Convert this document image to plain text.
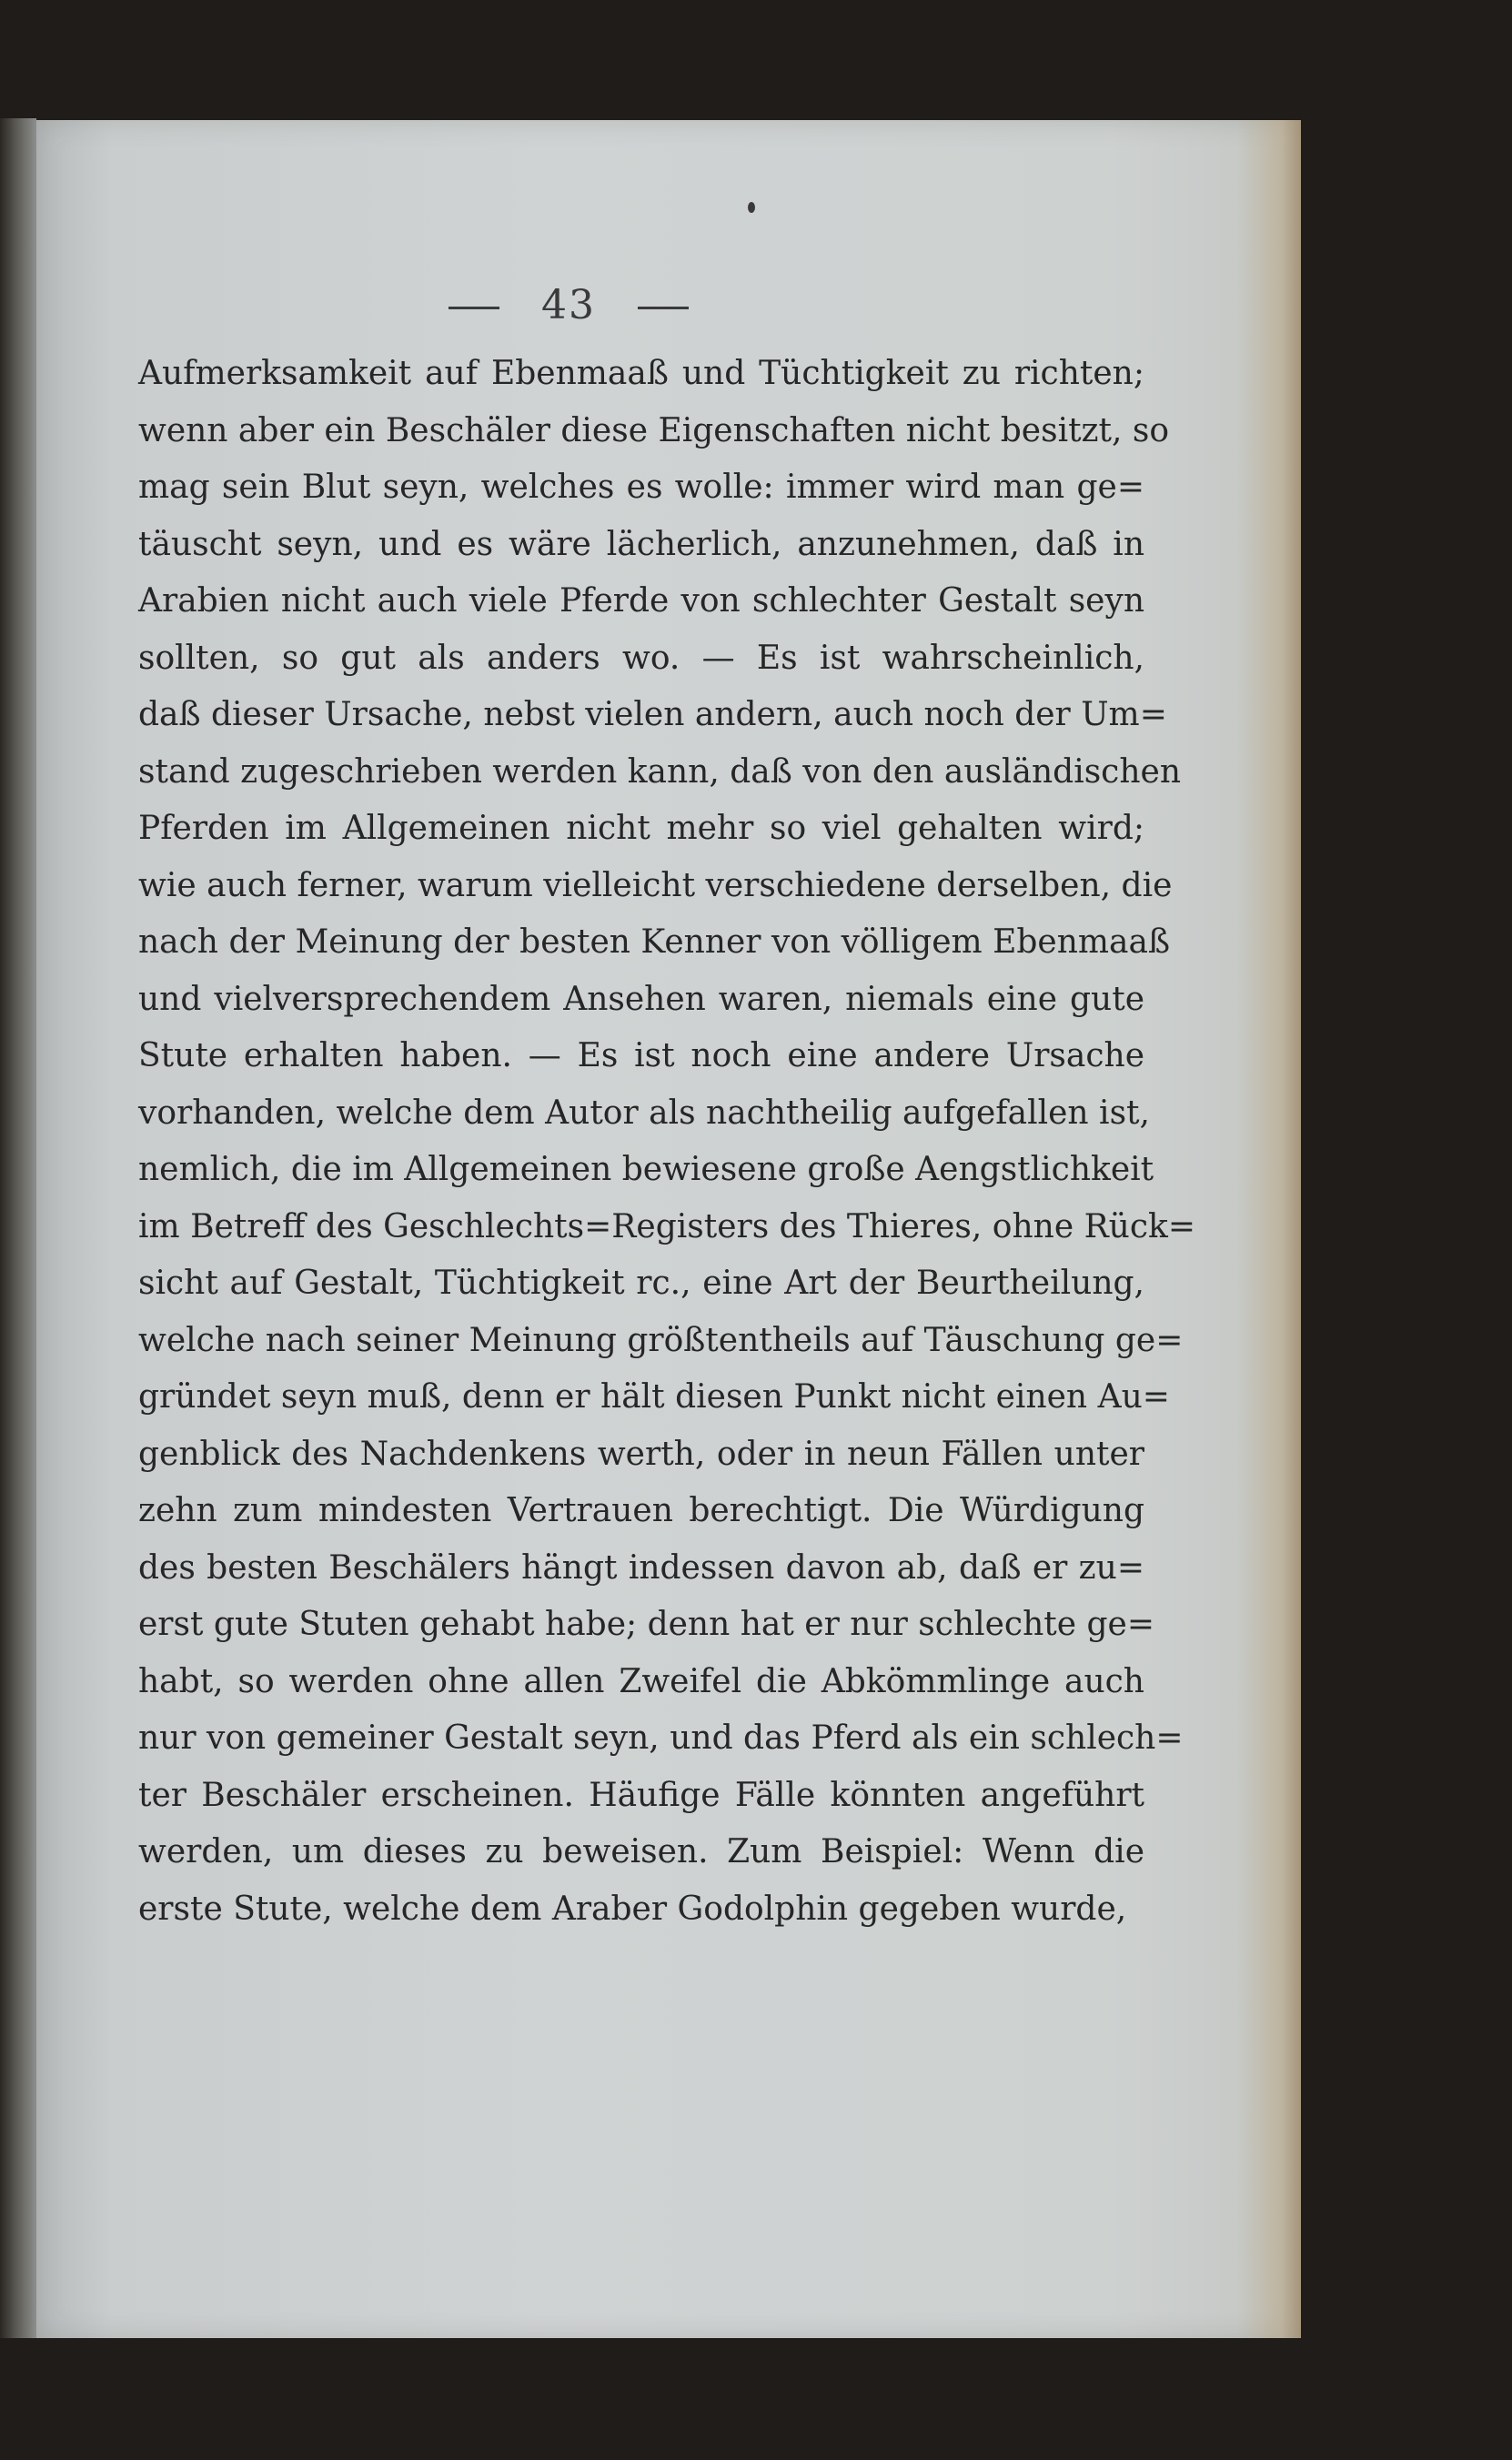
43
Aufmerksamkeit auf Ebenmaaß und Tüchtigkeit zu richten;
wenn aber ein Beschäler diese Eigenschaften nicht besitzt, so
mag sein Blut seyn, welches es wolle: immer wird man ge=
täuscht seyn, und es wäre lächerlich, anzunehmen, daß in
Arabien nicht auch viele Pferde von schlechter Gestalt seyn
sollten, so gut als anders wo. — Es ist wahrscheinlich,
daß dieser Ursache, nebst vielen andern, auch noch der Um=
stand zugeschrieben werden kann, daß von den ausländischen
Pferden im Allgemeinen nicht mehr so viel gehalten wird;
wie auch ferner, warum vielleicht verschiedene derselben, die
nach der Meinung der besten Kenner von völligem Ebenmaaß
und vielversprechendem Ansehen waren, niemals eine gute
Stute erhalten haben. — Es ist noch eine andere Ursache
vorhanden, welche dem Autor als nachtheilig aufgefallen ist,
nemlich, die im Allgemeinen bewiesene große Aengstlichkeit
im Betreff des Geschlechts=Registers des Thieres, ohne Rück=
sicht auf Gestalt, Tüchtigkeit rc., eine Art der Beurtheilung,
welche nach seiner Meinung größtentheils auf Täuschung ge=
gründet seyn muß, denn er hält diesen Punkt nicht einen Au=
genblick des Nachdenkens werth, oder in neun Fällen unter
zehn zum mindesten Vertrauen berechtigt. Die Würdigung
des besten Beschälers hängt indessen davon ab, daß er zu=
erst gute Stuten gehabt habe; denn hat er nur schlechte ge=
habt, so werden ohne allen Zweifel die Abkömmlinge auch
nur von gemeiner Gestalt seyn, und das Pferd als ein schlech=
ter Beschäler erscheinen. Häufige Fälle könnten angeführt
werden, um dieses zu beweisen. Zum Beispiel: Wenn die
erste Stute, welche dem Araber Godolphin gegeben wurde,
